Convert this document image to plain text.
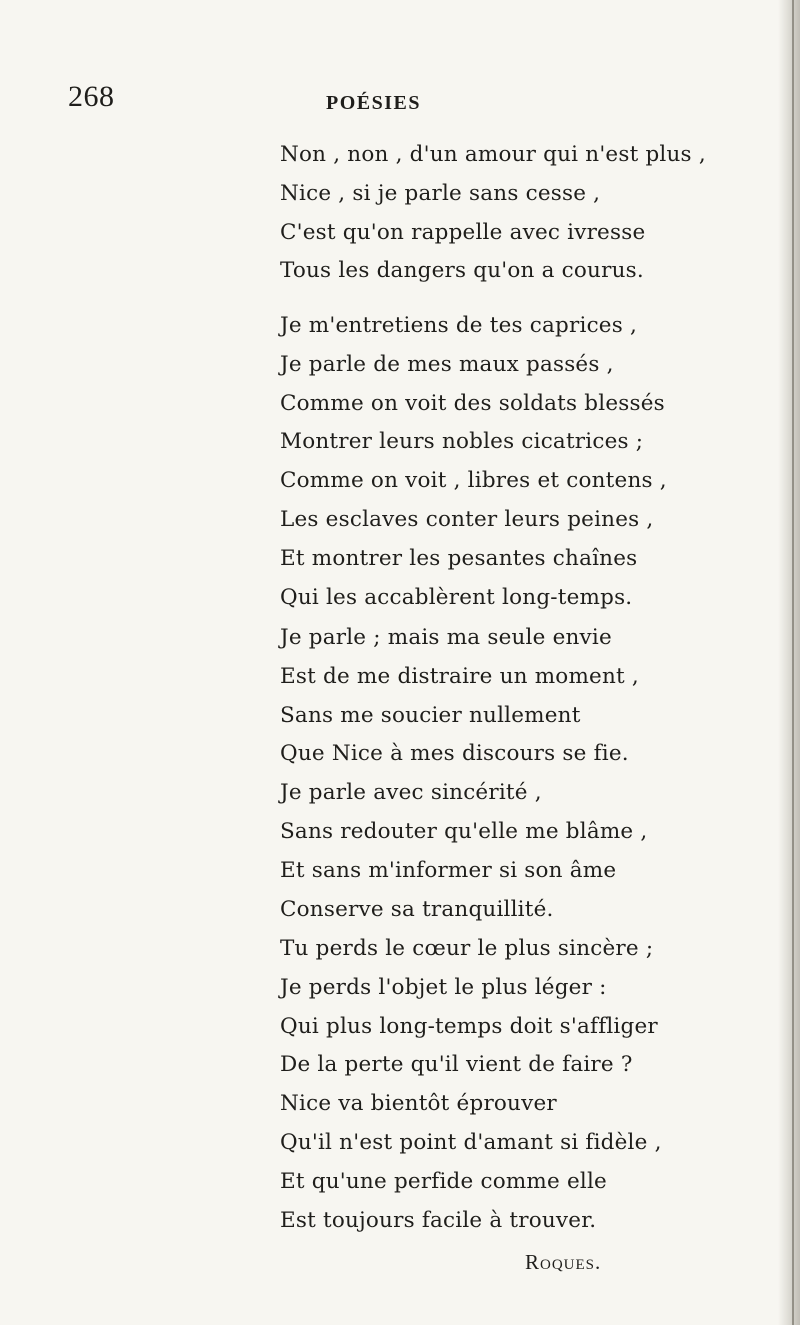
268	POÉSIES
Non , non , d'un amour qui n'est plus ,
Nice , si je parle sans cesse ,
C'est qu'on rappelle avec ivresse
Tous les dangers qu'on a courus.
Je m'entretiens de tes caprices ,
Je parle de mes maux passés ,
Comme on voit des soldats blessés
Montrer leurs nobles cicatrices ;
Comme on voit , libres et contens ,
Les esclaves conter leurs peines ,
Et montrer les pesantes chaînes
Qui les accablèrent long-temps.
Je parle ; mais ma seule envie
Est de me distraire un moment ,
Sans me soucier nullement
Que Nice à mes discours se fie.
Je parle avec sincérité ,
Sans redouter qu'elle me blâme ,
Et sans m'informer si son âme
Conserve sa tranquillité.
Tu perds le cœur le plus sincère ;
Je perds l'objet le plus léger :
Qui plus long-temps doit s'affliger
De la perte qu'il vient de faire ?
Nice va bientôt éprouver
Qu'il n'est point d'amant si fidèle ,
Et qu'une perfide comme elle
Est toujours facile à trouver.
Roques.
